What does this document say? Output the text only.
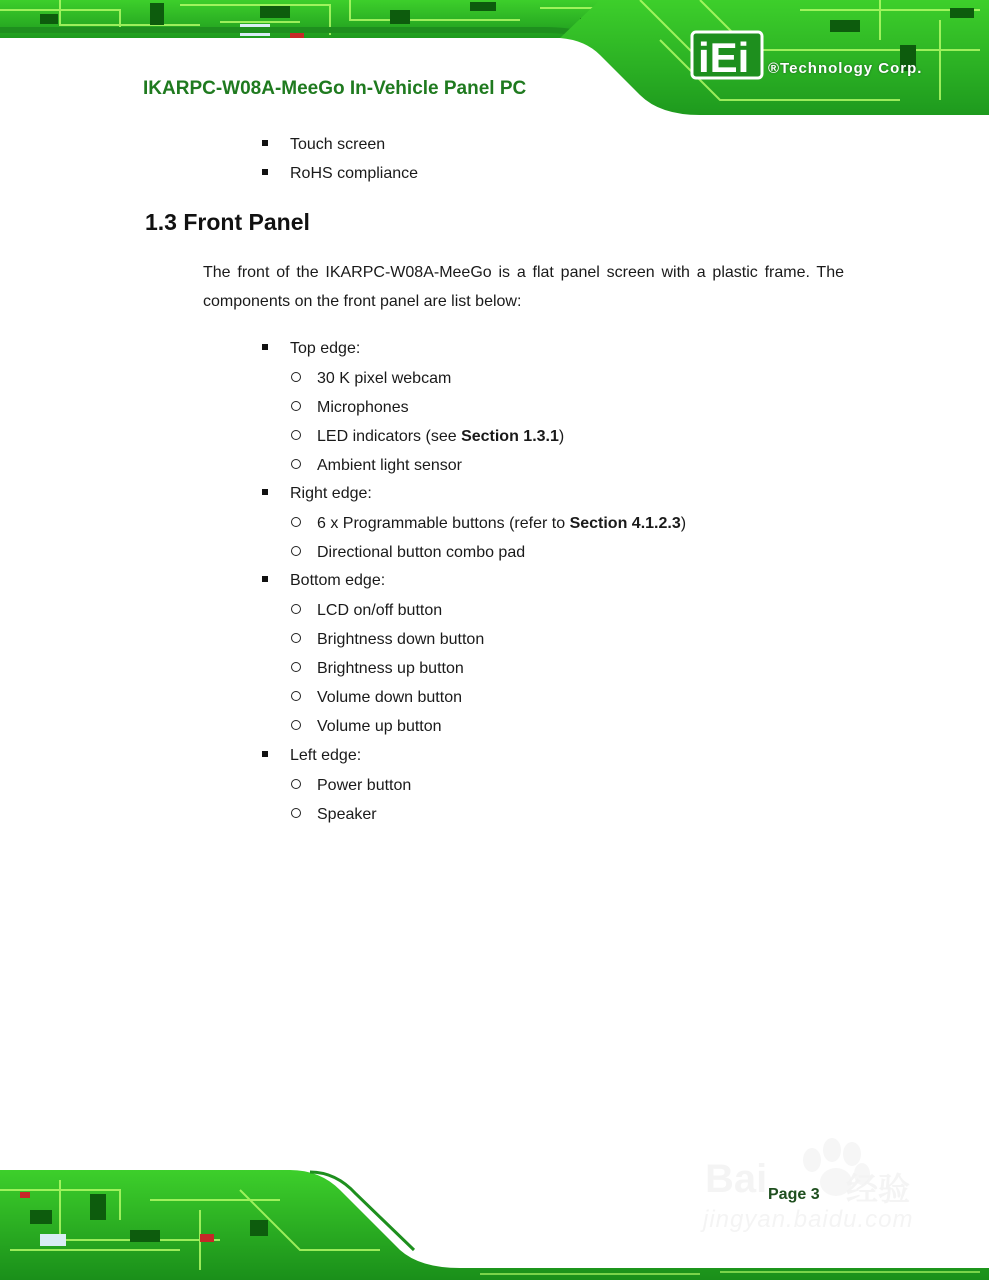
iEi ®Technology Corp.
IKARPC-W08A-MeeGo In-Vehicle Panel PC
Touch screen
RoHS compliance
1.3 Front Panel
The front of the IKARPC-W08A-MeeGo is a flat panel screen with a plastic frame. The components on the front panel are list below:
Top edge:
30 K pixel webcam
Microphones
LED indicators (see Section 1.3.1)
Ambient light sensor
Right edge:
6 x Programmable buttons (refer to Section 4.1.2.3)
Directional button combo pad
Bottom edge:
LCD on/off button
Brightness down button
Brightness up button
Volume down button
Volume up button
Left edge:
Power button
Speaker
Bai 经验
Page 3
jingyan.baidu.com
